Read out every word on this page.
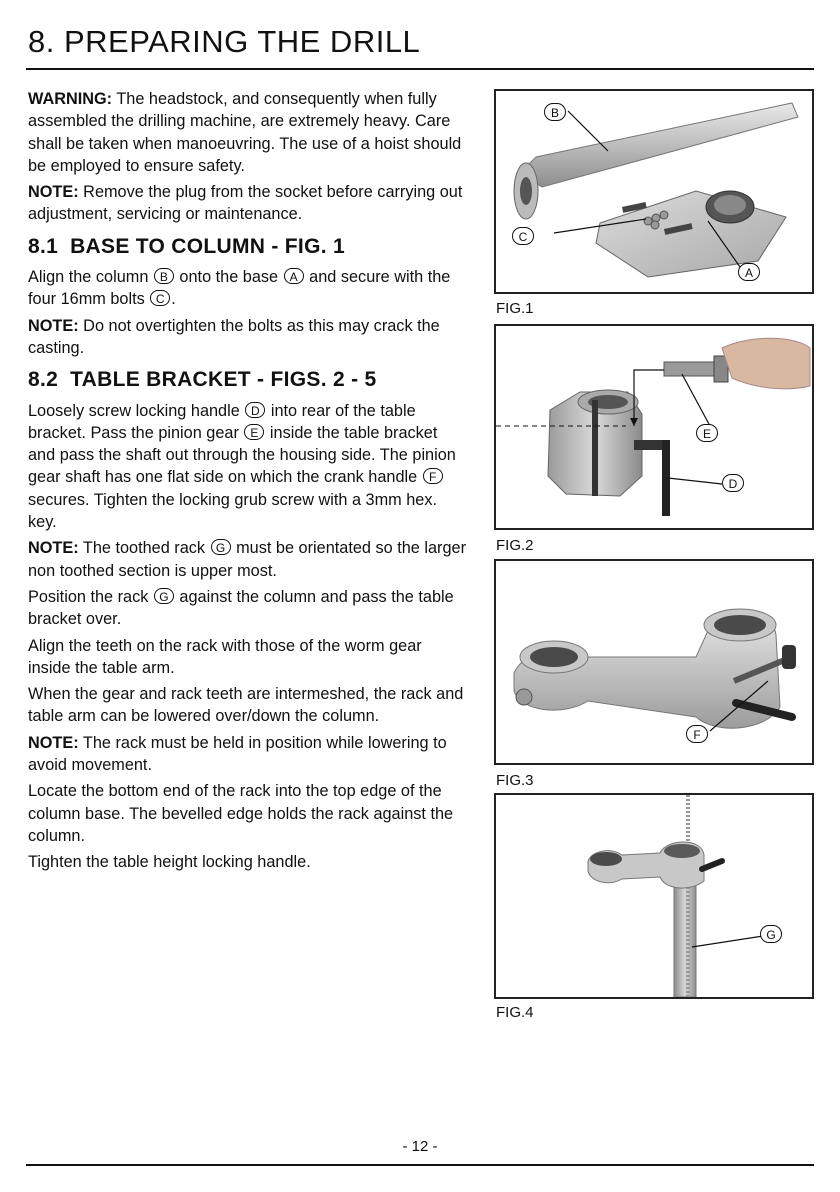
8. PREPARING THE DRILL

WARNING: The headstock, and consequently when fully assembled the drilling machine, are extremely heavy. Care shall be taken when manoeuvring. The use of a hoist should be employed to ensure safety.

NOTE: Remove the plug from the socket before carrying out adjustment, servicing or maintenance.

8.1 BASE TO COLUMN - FIG. 1

Align the column B onto the base A and secure with the four 16mm bolts C .

NOTE: Do not overtighten the bolts as this may crack the casting.

8.2 TABLE BRACKET - FIGS. 2 - 5

Loosely screw locking handle D into rear of the table bracket. Pass the pinion gear E inside the table bracket and pass the shaft out through the housing side. The pinion gear shaft has one flat side on which the crank handle F secures. Tighten the locking grub screw with a 3mm hex. key.

NOTE: The toothed rack G must be orientated so the larger non toothed section is upper most.

Position the rack G against the column and pass the table bracket over.

Align the teeth on the rack with those of the worm gear inside the table arm.

When the gear and rack teeth are intermeshed, the rack and table arm can be lowered over/down the column.

NOTE: The rack must be held in position while lowering to avoid movement.

Locate the bottom end of the rack into the top edge of the column base. The bevelled edge holds the rack against the column.

Tighten the table height locking handle.

B
C
A
FIG.1
E
D
FIG.2
F
FIG.3
G
FIG.4
- 12 -
